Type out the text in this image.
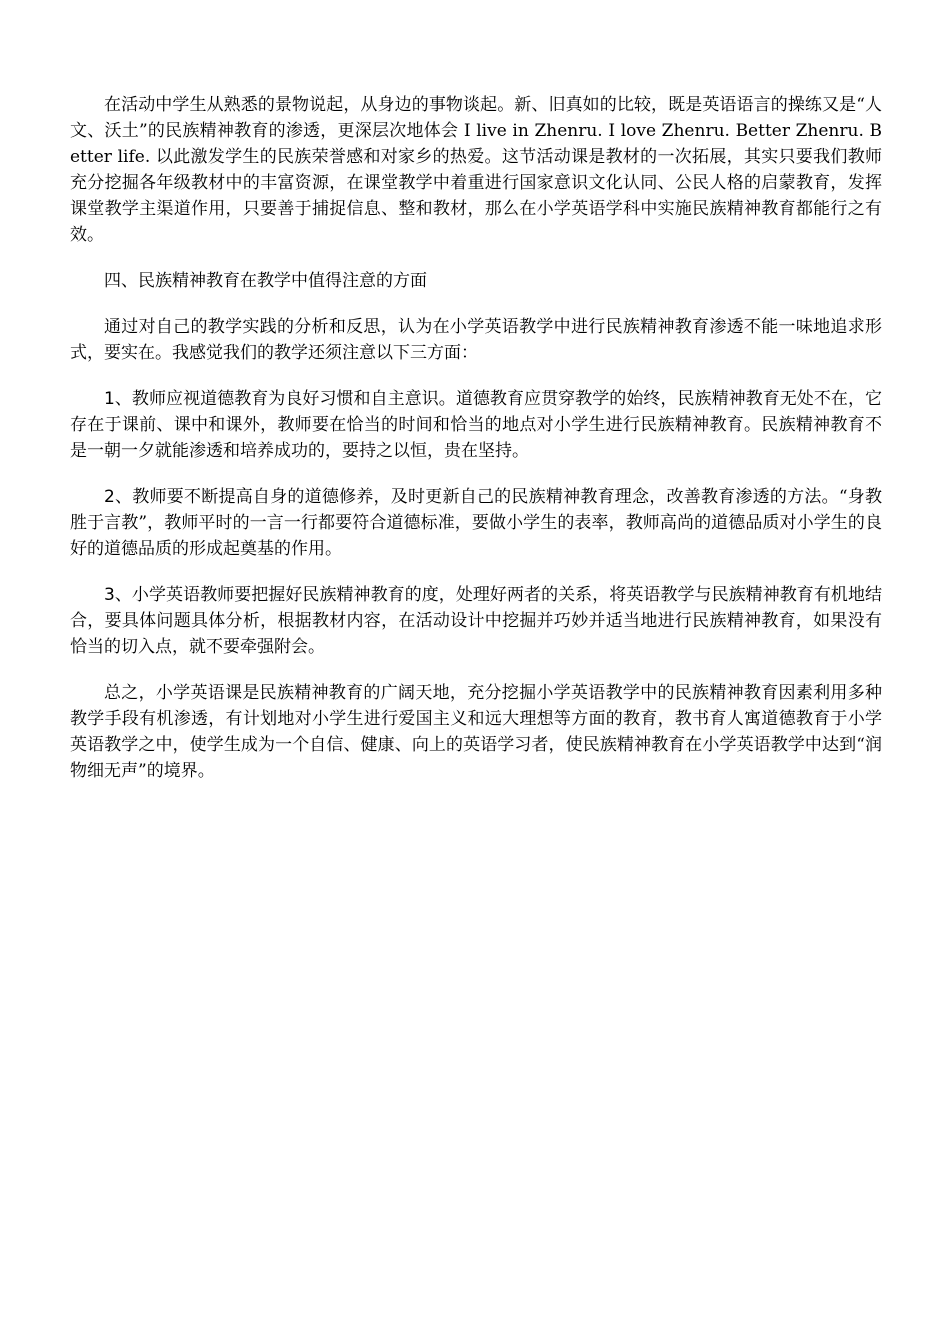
在活动中学生从熟悉的景物说起，从身边的事物谈起。新、旧真如的比较，既是英语语言的操练又是“人文、沃土”的民族精神教育的渗透，更深层次地体会 I live in Zhenru. I love Zhenru. Better Zhenru. Better life. 以此激发学生的民族荣誉感和对家乡的热爱。这节活动课是教材的一次拓展，其实只要我们教师充分挖掘各年级教材中的丰富资源，在课堂教学中着重进行国家意识文化认同、公民人格的启蒙教育，发挥课堂教学主渠道作用，只要善于捕捉信息、整和教材，那么在小学英语学科中实施民族精神教育都能行之有效。

四、民族精神教育在教学中值得注意的方面

通过对自己的教学实践的分析和反思，认为在小学英语教学中进行民族精神教育渗透不能一味地追求形式，要实在。我感觉我们的教学还须注意以下三方面：

1、教师应视道德教育为良好习惯和自主意识。道德教育应贯穿教学的始终，民族精神教育无处不在，它存在于课前、课中和课外，教师要在恰当的时间和恰当的地点对小学生进行民族精神教育。民族精神教育不是一朝一夕就能渗透和培养成功的，要持之以恒，贵在坚持。

2、教师要不断提高自身的道德修养，及时更新自己的民族精神教育理念，改善教育渗透的方法。“身教胜于言教”，教师平时的一言一行都要符合道德标准，要做小学生的表率，教师高尚的道德品质对小学生的良好的道德品质的形成起奠基的作用。

3、小学英语教师要把握好民族精神教育的度，处理好两者的关系，将英语教学与民族精神教育有机地结合，要具体问题具体分析，根据教材内容，在活动设计中挖掘并巧妙并适当地进行民族精神教育，如果没有恰当的切入点，就不要牵强附会。

总之，小学英语课是民族精神教育的广阔天地，充分挖掘小学英语教学中的民族精神教育因素利用多种教学手段有机渗透，有计划地对小学生进行爱国主义和远大理想等方面的教育，教书育人寓道德教育于小学英语教学之中，使学生成为一个自信、健康、向上的英语学习者，使民族精神教育在小学英语教学中达到“润物细无声”的境界。
